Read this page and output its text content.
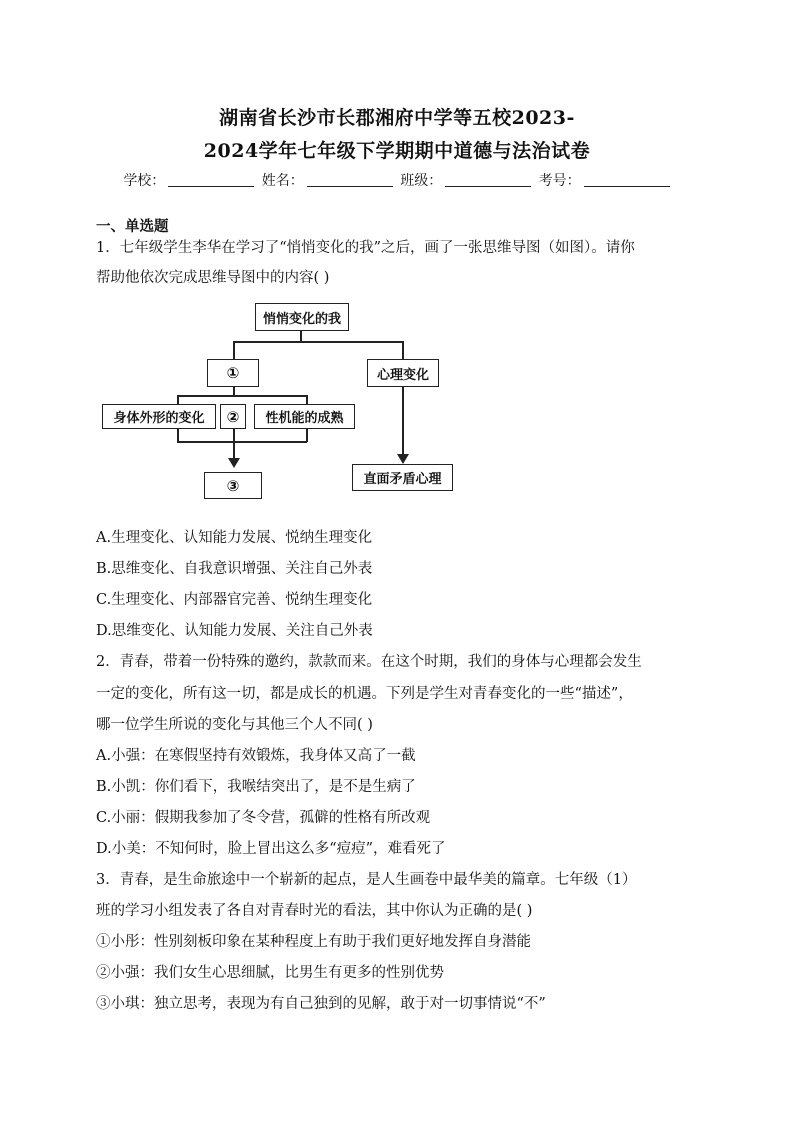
湖南省长沙市长郡湘府中学等五校2023-
2024学年七年级下学期期中道德与法治试卷
学校：	姓名：	班级：	考号：
一、单选题
1．七年级学生李华在学习了“悄悄变化的我”之后，画了一张思维导图（如图）。请你
帮助他依次完成思维导图中的内容( )
悄悄变化的我
①	心理变化
身体外形的变化	②	性机能的成熟
③	直面矛盾心理
A.生理变化、认知能力发展、悦纳生理变化
B.思维变化、自我意识增强、关注自己外表
C.生理变化、内部器官完善、悦纳生理变化
D.思维变化、认知能力发展、关注自己外表
2．青春，带着一份特殊的邀约，款款而来。在这个时期，我们的身体与心理都会发生
一定的变化，所有这一切，都是成长的机遇。下列是学生对青春变化的一些“描述”，
哪一位学生所说的变化与其他三个人不同( )
A.小强：在寒假坚持有效锻炼，我身体又高了一截
B.小凯：你们看下，我喉结突出了，是不是生病了
C.小丽：假期我参加了冬令营，孤僻的性格有所改观
D.小美：不知何时，脸上冒出这么多“痘痘”，难看死了
3．青春，是生命旅途中一个崭新的起点，是人生画卷中最华美的篇章。七年级（1）
班的学习小组发表了各自对青春时光的看法，其中你认为正确的是( )
①小彤：性别刻板印象在某种程度上有助于我们更好地发挥自身潜能
②小强：我们女生心思细腻，比男生有更多的性别优势
③小琪：独立思考，表现为有自己独到的见解，敢于对一切事情说“不”
